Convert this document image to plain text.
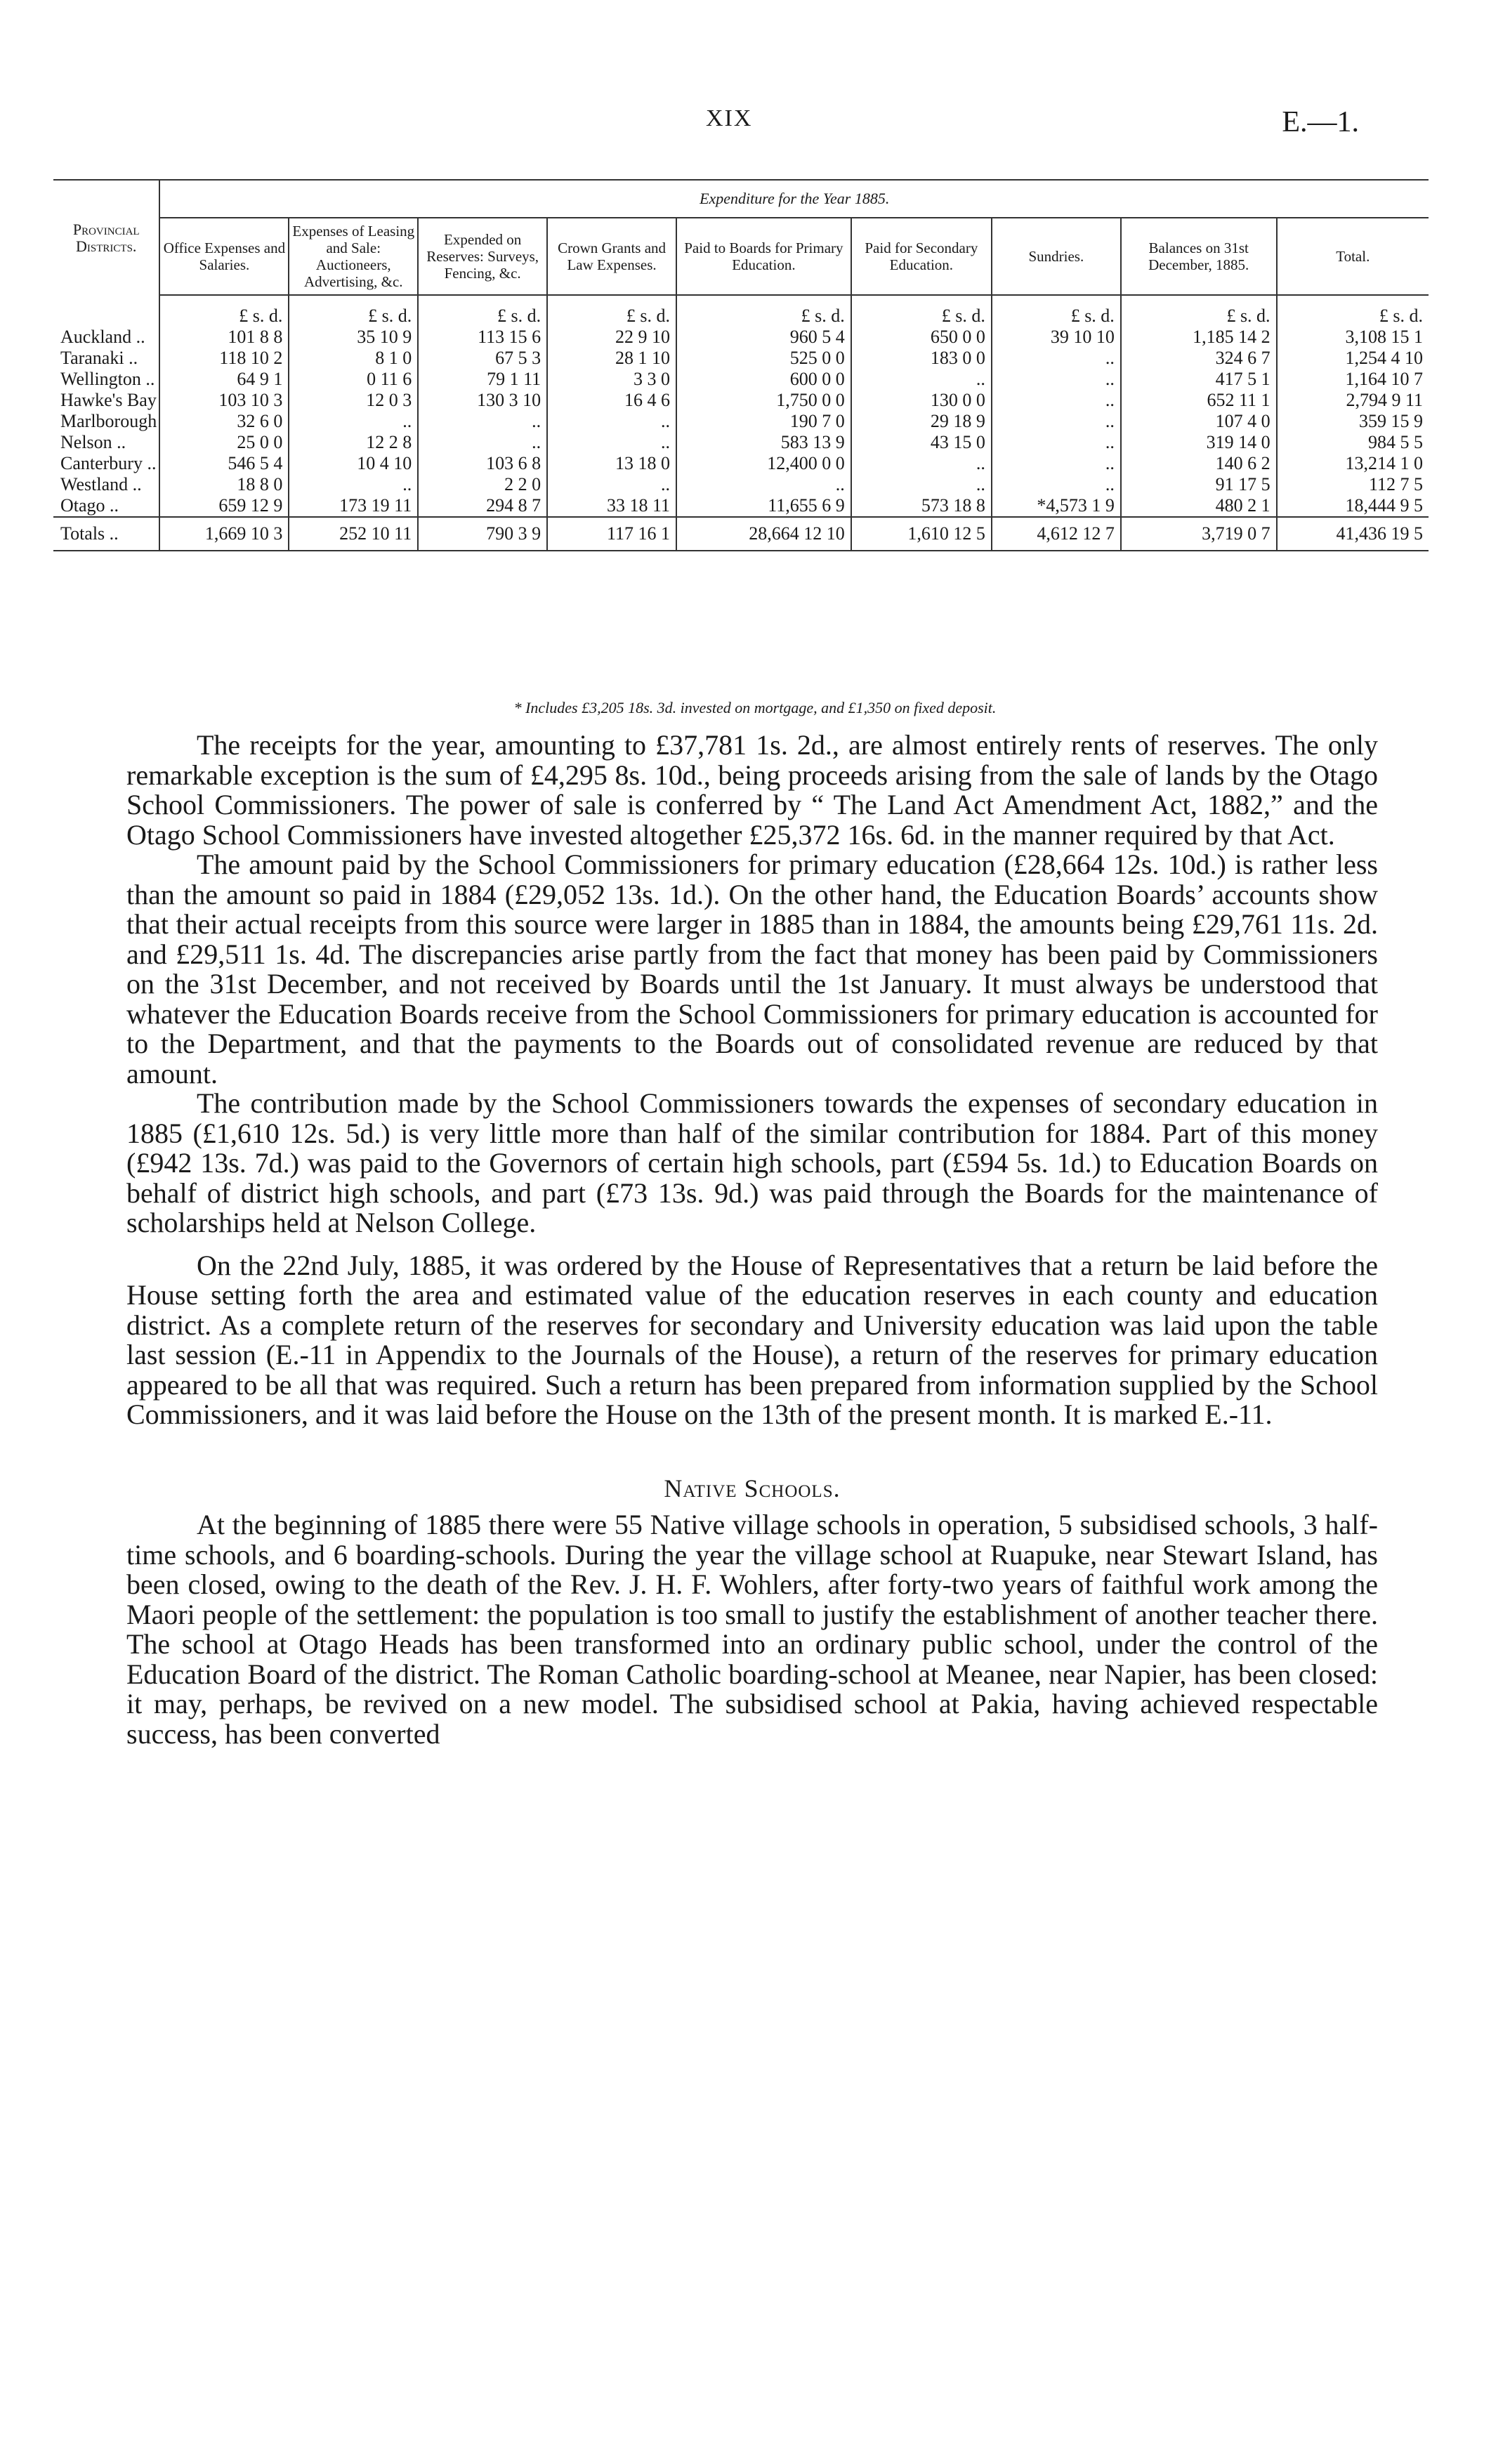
XIX	E.—1.
Provincial Districts.	Expenditure for the Year 1885.								
	Office Expenses and Salaries.	Expenses of Leasing and Sale: Auctioneers, Advertising, &c.	Expended on Reserves: Surveys, Fencing, &c.	Crown Grants and Law Expenses.	Paid to Boards for Primary Education.	Paid for Secondary Education.	Sundries.	Balances on 31st December, 1885.	Total.
	£ s. d.	£ s. d.	£ s. d.	£ s. d.	£ s. d.	£ s. d.	£ s. d.	£ s. d.	£ s. d.
Auckland ..	101 8 8	35 10 9	113 15 6	22 9 10	960 5 4	650 0 0	39 10 10	1,185 14 2	3,108 15 1
Taranaki ..	118 10 2	8 1 0	67 5 3	28 1 10	525 0 0	183 0 0	..	324 6 7	1,254 4 10
Wellington ..	64 9 1	0 11 6	79 1 11	3 3 0	600 0 0	..	..	417 5 1	1,164 10 7
Hawke's Bay	103 10 3	12 0 3	130 3 10	16 4 6	1,750 0 0	130 0 0	..	652 11 1	2,794 9 11
Marlborough	32 6 0	..	..	..	190 7 0	29 18 9	..	107 4 0	359 15 9
Nelson ..	25 0 0	12 2 8	..	..	583 13 9	43 15 0	..	319 14 0	984 5 5
Canterbury ..	546 5 4	10 4 10	103 6 8	13 18 0	12,400 0 0	..	..	140 6 2	13,214 1 0
Westland ..	18 8 0	..	2 2 0	..	..	..	..	91 17 5	112 7 5
Otago ..	659 12 9	173 19 11	294 8 7	33 18 11	11,655 6 9	573 18 8	*4,573 1 9	480 2 1	18,444 9 5
Totals ..	1,669 10 3	252 10 11	790 3 9	117 16 1	28,664 12 10	1,610 12 5	4,612 12 7	3,719 0 7	41,436 19 5
* Includes £3,205 18s. 3d. invested on mortgage, and £1,350 on fixed deposit.

The receipts for the year, amounting to £37,781 1s. 2d., are almost entirely rents of reserves. The only remarkable exception is the sum of £4,295 8s. 10d., being proceeds arising from the sale of lands by the Otago School Commissioners. The power of sale is conferred by “ The Land Act Amendment Act, 1882,” and the Otago School Commissioners have invested altogether £25,372 16s. 6d. in the manner required by that Act.

The amount paid by the School Commissioners for primary education (£28,664 12s. 10d.) is rather less than the amount so paid in 1884 (£29,052 13s. 1d.). On the other hand, the Education Boards’ accounts show that their actual receipts from this source were larger in 1885 than in 1884, the amounts being £29,761 11s. 2d. and £29,511 1s. 4d. The discrepancies arise partly from the fact that money has been paid by Commissioners on the 31st December, and not received by Boards until the 1st January. It must always be understood that whatever the Education Boards receive from the School Commissioners for primary education is accounted for to the Department, and that the payments to the Boards out of consolidated revenue are reduced by that amount.

The contribution made by the School Commissioners towards the expenses of secondary education in 1885 (£1,610 12s. 5d.) is very little more than half of the similar contribution for 1884. Part of this money (£942 13s. 7d.) was paid to the Governors of certain high schools, part (£594 5s. 1d.) to Education Boards on behalf of district high schools, and part (£73 13s. 9d.) was paid through the Boards for the maintenance of scholarships held at Nelson College.

On the 22nd July, 1885, it was ordered by the House of Representatives that a return be laid before the House setting forth the area and estimated value of the education reserves in each county and education district. As a complete return of the reserves for secondary and University education was laid upon the table last session (E.-11 in Appendix to the Journals of the House), a return of the reserves for primary education appeared to be all that was required. Such a return has been prepared from information supplied by the School Commissioners, and it was laid before the House on the 13th of the present month. It is marked E.-11.

Native Schools.

At the beginning of 1885 there were 55 Native village schools in operation, 5 subsidised schools, 3 half-time schools, and 6 boarding-schools. During the year the village school at Ruapuke, near Stewart Island, has been closed, owing to the death of the Rev. J. H. F. Wohlers, after forty-two years of faithful work among the Maori people of the settlement: the population is too small to justify the establishment of another teacher there. The school at Otago Heads has been transformed into an ordinary public school, under the control of the Education Board of the district. The Roman Catholic boarding-school at Meanee, near Napier, has been closed: it may, perhaps, be revived on a new model. The subsidised school at Pakia, having achieved respectable success, has been converted
